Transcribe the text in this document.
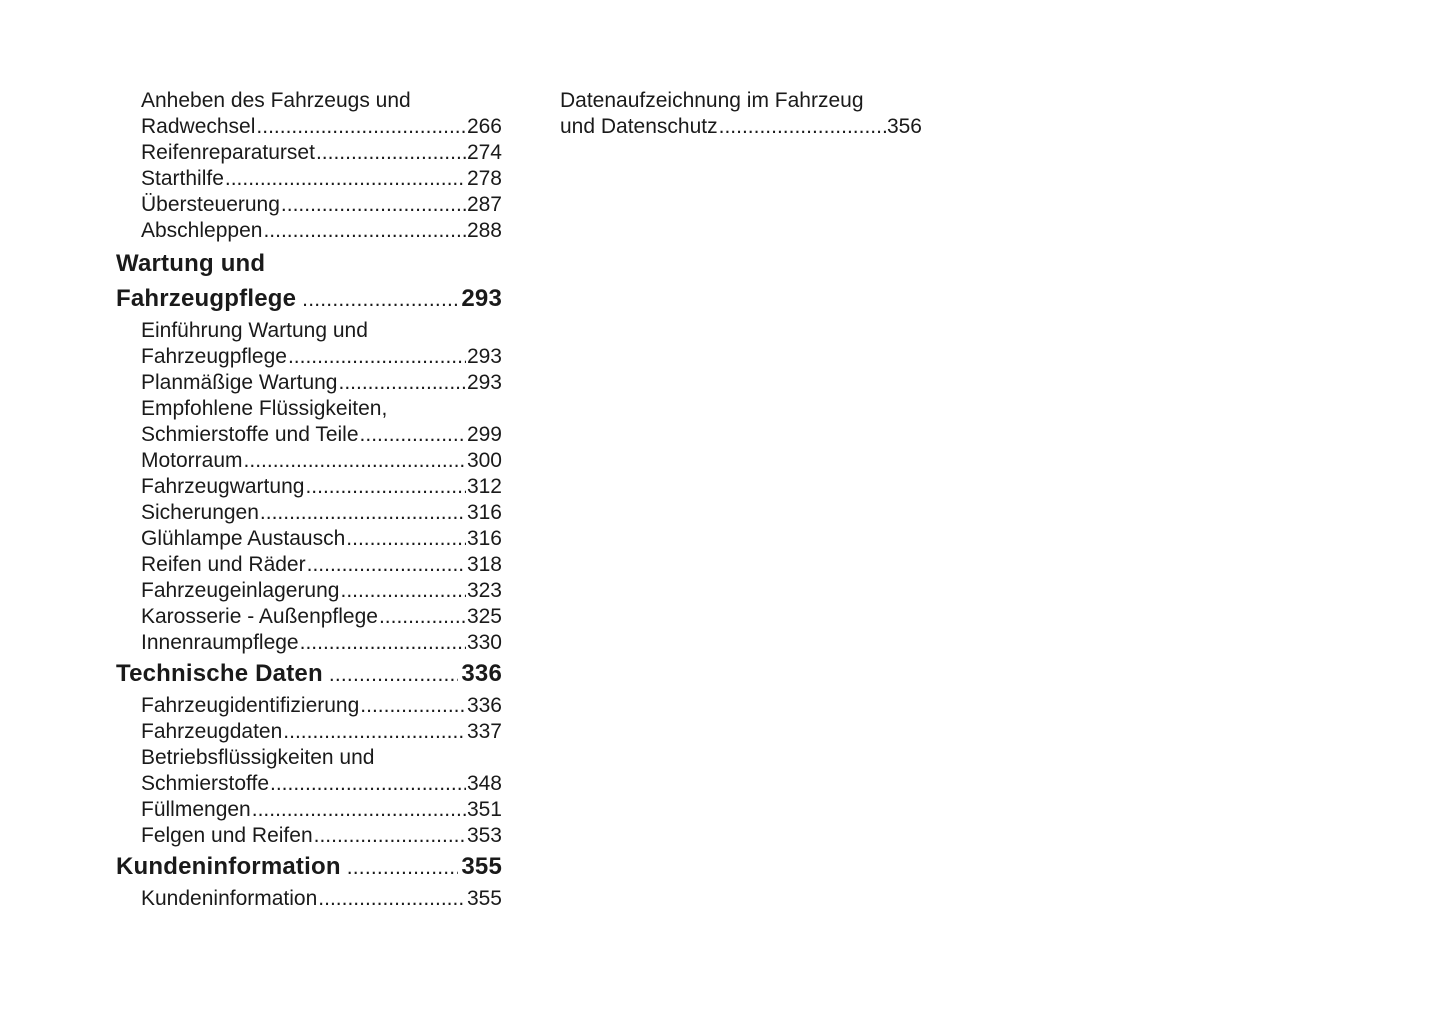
Anheben des Fahrzeugs und
Radwechsel .....	266
Reifenreparaturset .....	274
Starthilfe .....	278
Übersteuerung .....	287
Abschleppen .....	288
Wartung und
Fahrzeugpflege .....	293
Einführung Wartung und
Fahrzeugpflege .....	293
Planmäßige Wartung .....	293
Empfohlene Flüssigkeiten,
Schmierstoffe und Teile .....	299
Motorraum .....	300
Fahrzeugwartung .....	312
Sicherungen .....	316
Glühlampe Austausch .....	316
Reifen und Räder .....	318
Fahrzeugeinlagerung .....	323
Karosserie - Außenpflege .....	325
Innenraumpflege .....	330
Technische Daten .....	336
Fahrzeugidentifizierung .....	336
Fahrzeugdaten .....	337
Betriebsflüssigkeiten und
Schmierstoffe .....	348
Füllmengen .....	351
Felgen und Reifen .....	353
Kundeninformation .....	355
Kundeninformation .....	355
Datenaufzeichnung im Fahrzeug
und Datenschutz .....	356
